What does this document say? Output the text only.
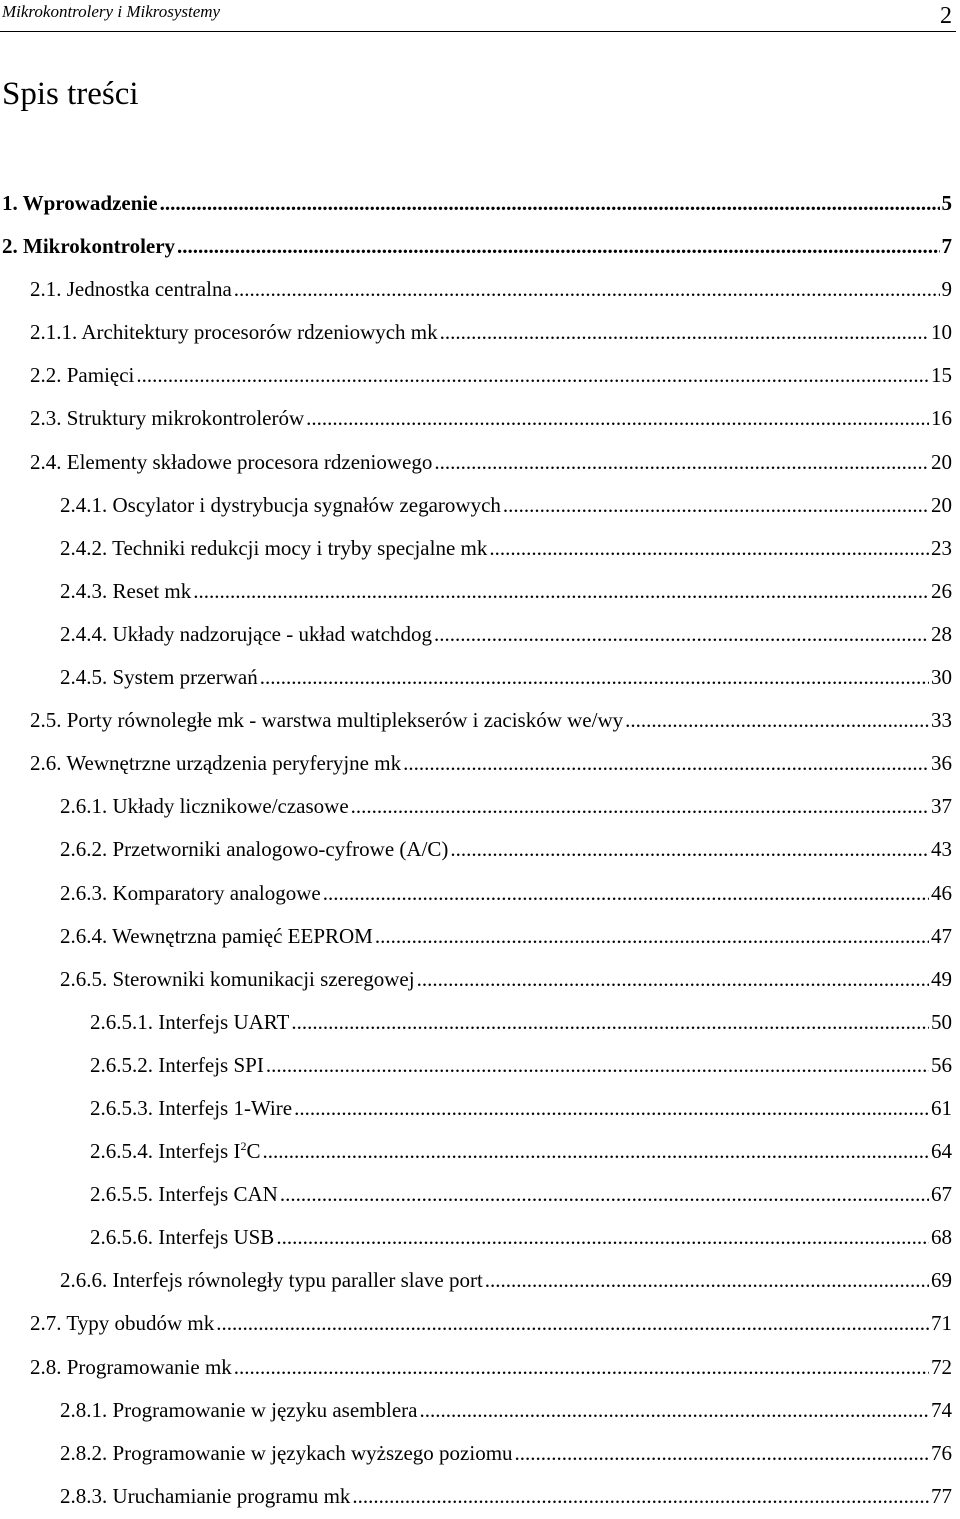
Mikrokontrolery i Mikrosystemy	2
Spis treści
1. Wprowadzenie .....	5
2. Mikrokontrolery .....	7
2.1. Jednostka centralna .....	9
2.1.1. Architektury procesorów rdzeniowych mk .....	10
2.2. Pamięci .....	15
2.3. Struktury mikrokontrolerów .....	16
2.4. Elementy składowe procesora rdzeniowego .....	20
2.4.1. Oscylator i dystrybucja sygnałów zegarowych .....	20
2.4.2. Techniki redukcji mocy i tryby specjalne mk .....	23
2.4.3. Reset mk .....	26
2.4.4. Układy nadzorujące - układ watchdog .....	28
2.4.5. System przerwań .....	30
2.5. Porty równoległe mk - warstwa multiplekserów i zacisków we/wy .....	33
2.6. Wewnętrzne urządzenia peryferyjne mk .....	36
2.6.1. Układy licznikowe/czasowe .....	37
2.6.2. Przetworniki analogowo-cyfrowe (A/C) .....	43
2.6.3. Komparatory analogowe .....	46
2.6.4. Wewnętrzna pamięć EEPROM .....	47
2.6.5. Sterowniki komunikacji szeregowej .....	49
2.6.5.1. Interfejs UART .....	50
2.6.5.2. Interfejs SPI .....	56
2.6.5.3. Interfejs 1-Wire .....	61
2.6.5.4. Interfejs $I^2C$ .....	64
2.6.5.5. Interfejs CAN .....	67
2.6.5.6. Interfejs USB .....	68
2.6.6. Interfejs równoległy typu paraller slave port .....	69
2.7. Typy obudów mk .....	71
2.8. Programowanie mk .....	72
2.8.1. Programowanie w języku asemblera .....	74
2.8.2. Programowanie w językach wyższego poziomu .....	76
2.8.3. Uruchamianie programu mk .....	77
